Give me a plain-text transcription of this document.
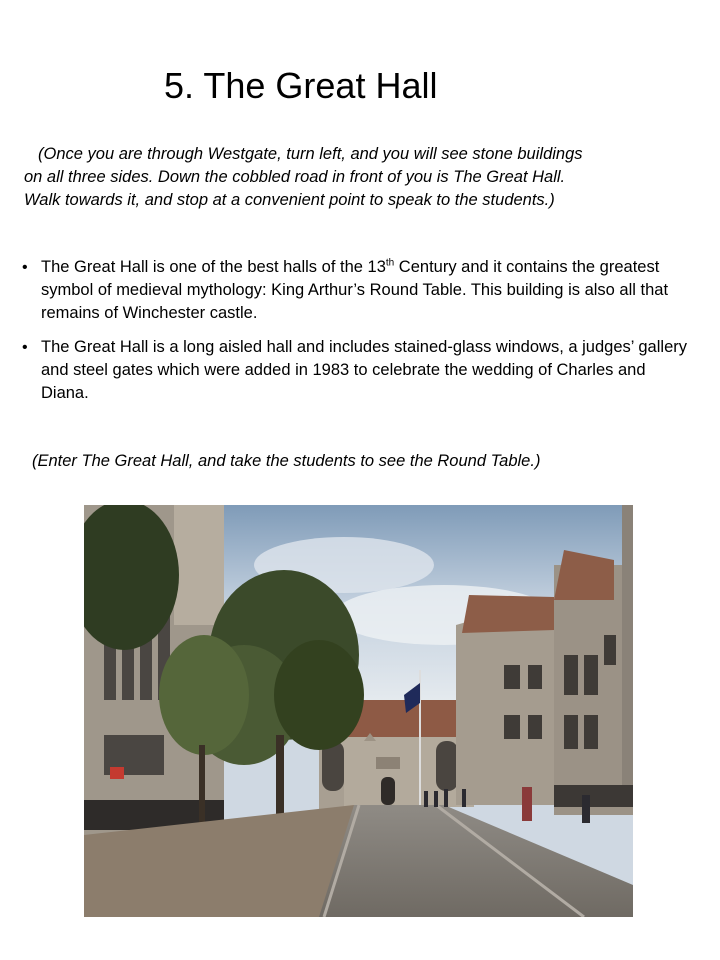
5. The Great Hall
(Once you are through Westgate, turn left, and you will see stone buildings
on all three sides. Down the cobbled road in front of you is The Great Hall.
Walk towards it, and stop at a convenient point to speak to the students.)
• The Great Hall is one of the best halls of the 13th Century and it contains the greatest symbol of medieval mythology: King Arthur’s Round Table. This building is also all that remains of Winchester castle.
• The Great Hall is a long aisled hall and includes stained-glass windows, a judges’ gallery and steel gates which were added in 1983 to celebrate the wedding of Charles and Diana.
(Enter The Great Hall, and take the students to see the Round Table.)
